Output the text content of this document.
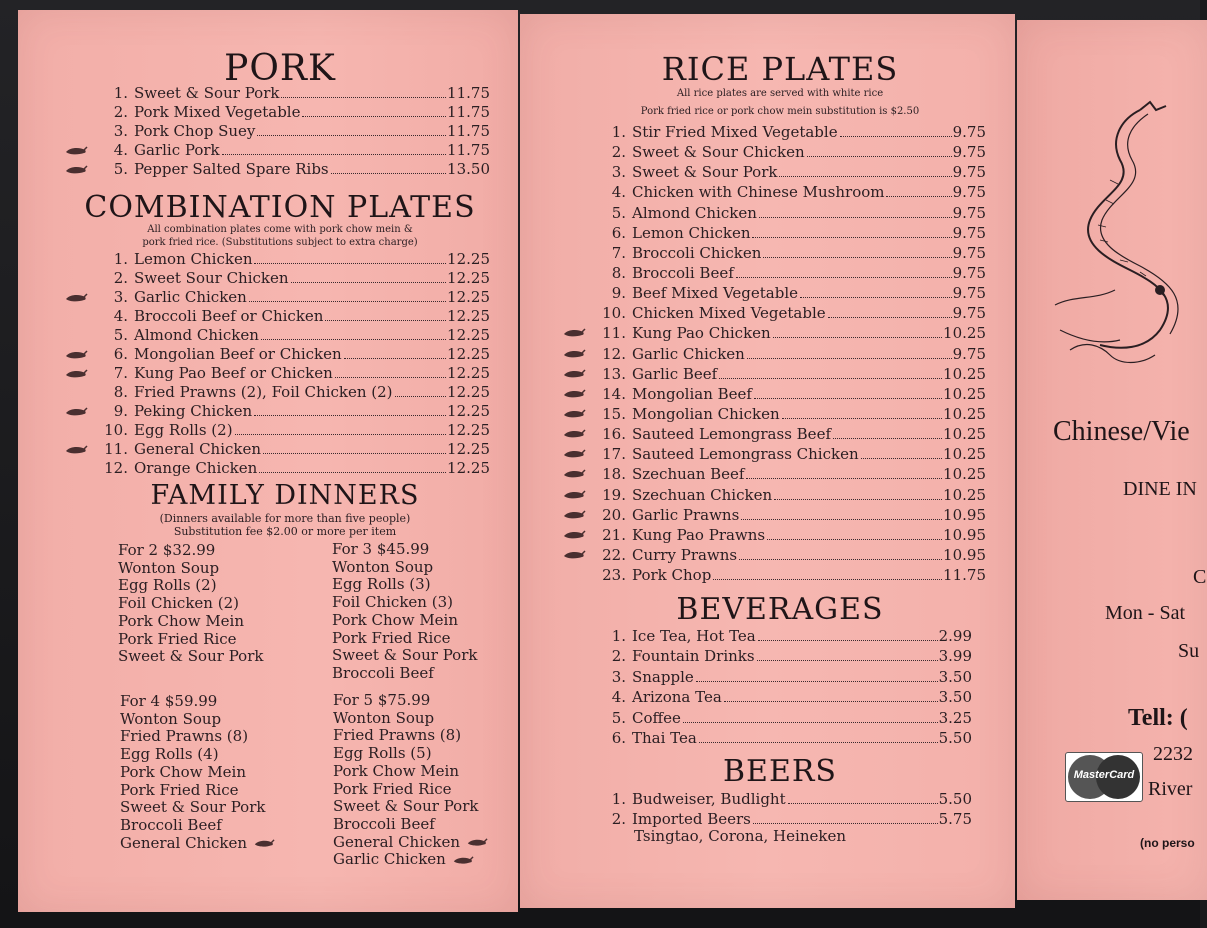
PORK
1. Sweet & Sour Pork	11.75
2. Pork Mixed Vegetable	11.75
3. Pork Chop Suey	11.75
4. Garlic Pork	11.75
5. Pepper Salted Spare Ribs	13.50
COMBINATION PLATES
All combination plates come with pork chow mein &
pork fried rice. (Substitutions subject to extra charge)
1. Lemon Chicken	12.25
2. Sweet Sour Chicken	12.25
3. Garlic Chicken	12.25
4. Broccoli Beef or Chicken	12.25
5. Almond Chicken	12.25
6. Mongolian Beef or Chicken	12.25
7. Kung Pao Beef or Chicken	12.25
8. Fried Prawns (2), Foil Chicken (2)	12.25
9. Peking Chicken	12.25
10. Egg Rolls (2)	12.25
11. General Chicken	12.25
12. Orange Chicken	12.25
FAMILY DINNERS
(Dinners available for more than five people)
Substitution fee $2.00 or more per item
For 2 $32.99
Wonton Soup
Egg Rolls (2)
Foil Chicken (2)
Pork Chow Mein
Pork Fried Rice
Sweet & Sour Pork
For 3 $45.99
Wonton Soup
Egg Rolls (3)
Foil Chicken (3)
Pork Chow Mein
Pork Fried Rice
Sweet & Sour Pork
Broccoli Beef
For 4 $59.99
Wonton Soup
Fried Prawns (8)
Egg Rolls (4)
Pork Chow Mein
Pork Fried Rice
Sweet & Sour Pork
Broccoli Beef
General Chicken
For 5 $75.99
Wonton Soup
Fried Prawns (8)
Egg Rolls (5)
Pork Chow Mein
Pork Fried Rice
Sweet & Sour Pork
Broccoli Beef
General Chicken
Garlic Chicken
RICE PLATES
All rice plates are served with white rice
Pork fried rice or pork chow mein substitution is $2.50
1. Stir Fried Mixed Vegetable	9.75
2. Sweet & Sour Chicken	9.75
3. Sweet & Sour Pork	9.75
4. Chicken with Chinese Mushroom	9.75
5. Almond Chicken	9.75
6. Lemon Chicken	9.75
7. Broccoli Chicken	9.75
8. Broccoli Beef	9.75
9. Beef Mixed Vegetable	9.75
10. Chicken Mixed Vegetable	9.75
11. Kung Pao Chicken	10.25
12. Garlic Chicken	9.75
13. Garlic Beef	10.25
14. Mongolian Beef	10.25
15. Mongolian Chicken	10.25
16. Sauteed Lemongrass Beef	10.25
17. Sauteed Lemongrass Chicken	10.25
18. Szechuan Beef	10.25
19. Szechuan Chicken	10.25
20. Garlic Prawns	10.95
21. Kung Pao Prawns	10.95
22. Curry Prawns	10.95
23. Pork Chop	11.75
BEVERAGES
1. Ice Tea, Hot Tea	2.99
2. Fountain Drinks	3.99
3. Snapple	3.50
4. Arizona Tea	3.50
5. Coffee	3.25
6. Thai Tea	5.50
BEERS
1. Budweiser, Budlight	5.50
2. Imported Beers	5.75
Tsingtao, Corona, Heineken
Chinese/Vie
DINE IN
C
Mon - Sat
Su
Tell: (
MasterCard
2232
River
(no perso
